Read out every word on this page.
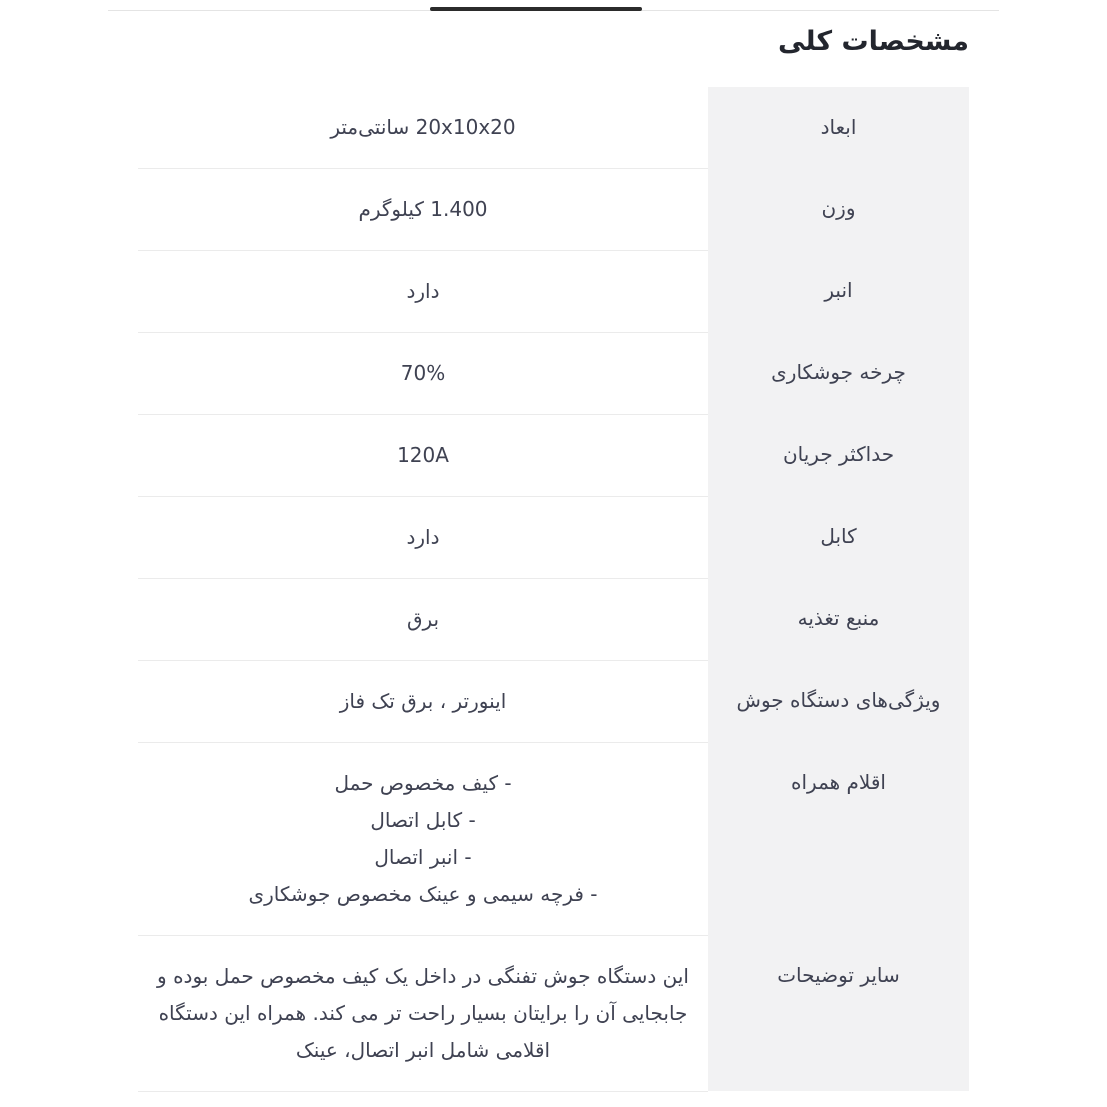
مشخصات کلی
ابعاد	20x10x20 سانتی‌متر
وزن	1.400 کیلوگرم
انبر	دارد
چرخه جوشکاری	70%
حداکثر جریان	120A
کابل	دارد
منبع تغذیه	برق
ویژگی‌های دستگاه جوش	اینورتر ، برق تک فاز
اقلام همراه	- کیف مخصوص حمل
- کابل اتصال
- انبر اتصال
- فرچه سیمی و عینک مخصوص جوشکاری

سایر توضیحات	این دستگاه جوش تفنگی در داخل یک کیف مخصوص حمل بوده و جابجایی آن را برایتان بسیار راحت تر می کند. همراه این دستگاه اقلامی شامل انبر اتصال، عینک
